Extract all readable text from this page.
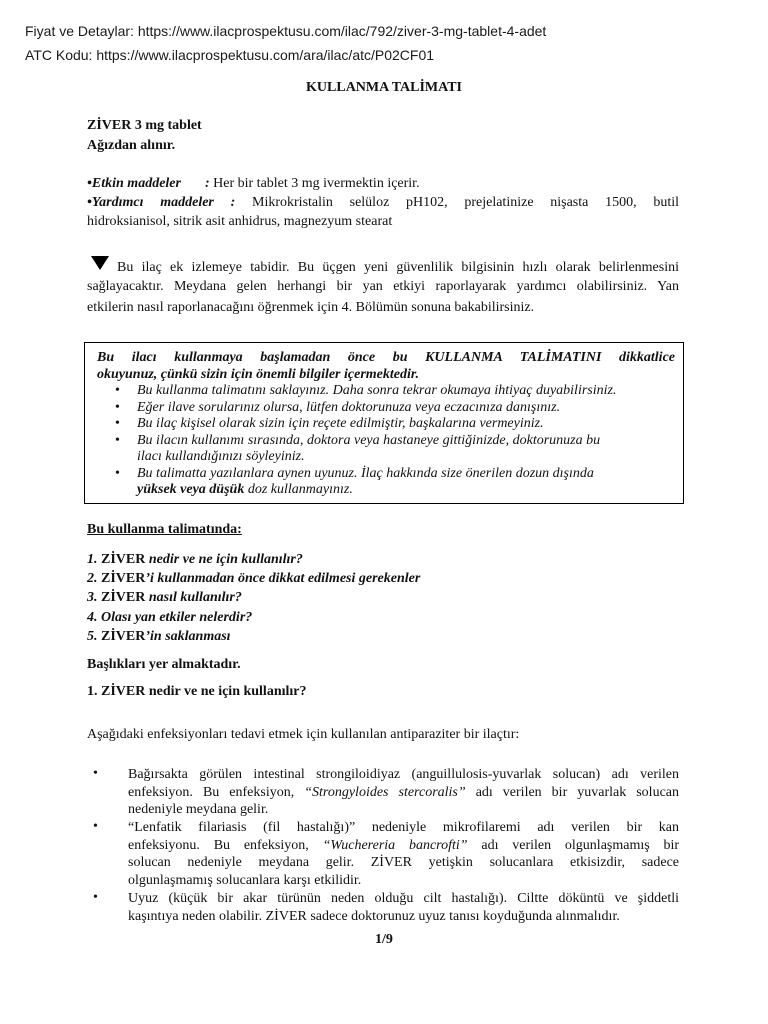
Fiyat ve Detaylar: https://www.ilacprospektusu.com/ilac/792/ziver-3-mg-tablet-4-adet
ATC Kodu: https://www.ilacprospektusu.com/ara/ilac/atc/P02CF01
KULLANMA TALİMATI
ZİVER 3 mg tablet
Ağızdan alınır.
•Etkin maddeler : Her bir tablet 3 mg ivermektin içerir.
•Yardımcı maddeler : Mikrokristalin selüloz pH102, prejelatinize nişasta 1500, butil
hidroksianisol, sitrik asit anhidrus, magnezyum stearat
Bu ilaç ek izlemeye tabidir. Bu üçgen yeni güvenlilik bilgisinin hızlı olarak belirlenmesini
sağlayacaktır. Meydana gelen herhangi bir yan etkiyi raporlayarak yardımcı olabilirsiniz. Yan
etkilerin nasıl raporlanacağını öğrenmek için 4. Bölümün sonuna bakabilirsiniz.
Bu ilacı kullanmaya başlamadan önce bu KULLANMA TALİMATINI dikkatlice
okuyunuz, çünkü sizin için önemli bilgiler içermektedir.
• Bu kullanma talimatını saklayınız. Daha sonra tekrar okumaya ihtiyaç duyabilirsiniz.
• Eğer ilave sorularınız olursa, lütfen doktorunuza veya eczacınıza danışınız.
• Bu ilaç kişisel olarak sizin için reçete edilmiştir, başkalarına vermeyiniz.
• Bu ilacın kullanımı sırasında, doktora veya hastaneye gittiğinizde, doktorunuza bu
ilacı kullandığınızı söyleyiniz.
• Bu talimatta yazılanlara aynen uyunuz. İlaç hakkında size önerilen dozun dışında
yüksek veya düşük doz kullanmayınız.
Bu kullanma talimatında:
1. ZİVER nedir ve ne için kullanılır?
2. ZİVER’i kullanmadan önce dikkat edilmesi gerekenler
3. ZİVER nasıl kullanılır?
4. Olası yan etkiler nelerdir?
5. ZİVER’in saklanması
Başlıkları yer almaktadır.
1. ZİVER nedir ve ne için kullanılır?
Aşağıdaki enfeksiyonları tedavi etmek için kullanılan antiparaziter bir ilaçtır:
• Bağırsakta görülen intestinal strongiloidiyaz (anguillulosis-yuvarlak solucan) adı verilen
enfeksiyon. Bu enfeksiyon, “Strongyloides stercoralis” adı verilen bir yuvarlak solucan
nedeniyle meydana gelir.
• “Lenfatik filariasis (fil hastalığı)” nedeniyle mikrofilaremi adı verilen bir kan
enfeksiyonu. Bu enfeksiyon, “Wuchereria bancrofti” adı verilen olgunlaşmamış bir
solucan nedeniyle meydana gelir. ZİVER yetişkin solucanlara etkisizdir, sadece
olgunlaşmamış solucanlara karşı etkilidir.
• Uyuz (küçük bir akar türünün neden olduğu cilt hastalığı). Ciltte döküntü ve şiddetli
kaşıntıya neden olabilir. ZİVER sadece doktorunuz uyuz tanısı koyduğunda alınmalıdır.
1/9
